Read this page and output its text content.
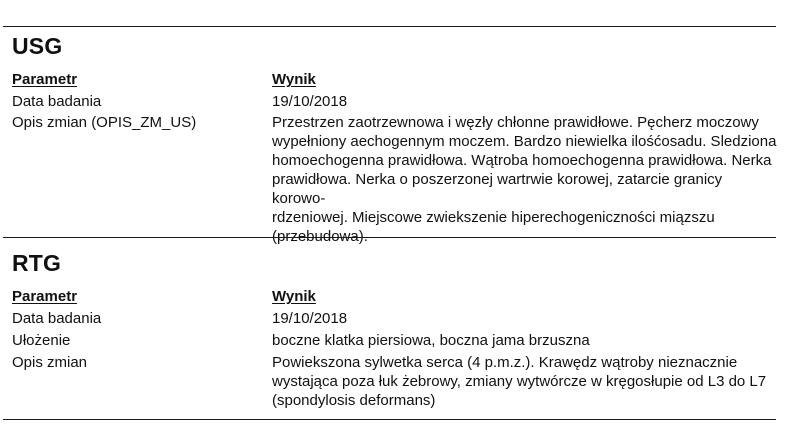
USG
Parametr	Wynik
Data badania	19/10/2018
Opis zmian (OPIS_ZM_US)	Przestrzen zaotrzewnowa i węzły chłonne prawidłowe. Pęcherz moczowy
wypełniony aechogennym moczem. Bardzo niewielka ilośćosadu. Sledziona
homoechogenna prawidłowa. Wątroba homoechogenna prawidłowa. Nerka
prawidłowa. Nerka o poszerzonej wartrwie korowej, zatarcie granicy korowo-
rdzeniowej. Miejscowe zwiekszenie hiperechogeniczności miązszu
(przebudowa).
RTG
Parametr	Wynik
Data badania	19/10/2018
Ułożenie	boczne klatka piersiowa, boczna jama brzuszna
Opis zmian	Powiekszona sylwetka serca (4 p.m.z.). Krawędz wątroby nieznacznie
wystająca poza łuk żebrowy, zmiany wytwórcze w kręgosłupie od L3 do L7
(spondylosis deformans)
